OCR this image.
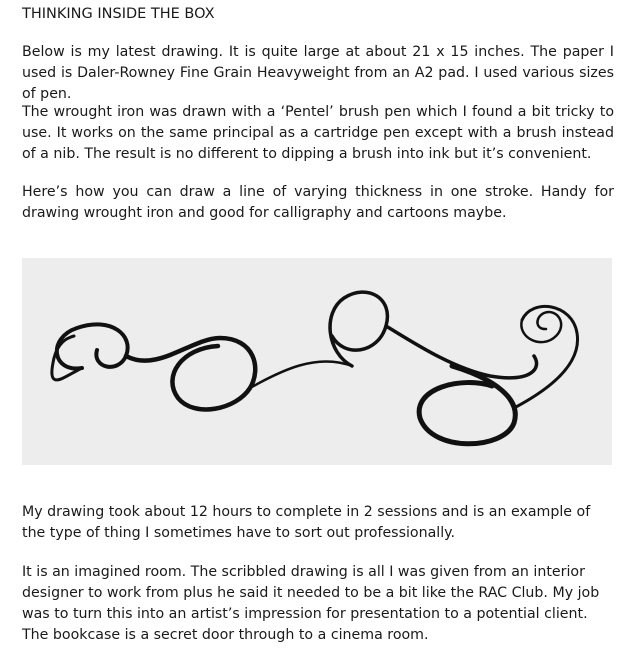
THINKING INSIDE THE BOX

Below is my latest drawing. It is quite large at about 21 x 15 inches. The paper I used is Daler-Rowney Fine Grain Heavyweight from an A2 pad. I used various sizes of pen.

The wrought iron was drawn with a ‘Pentel’ brush pen which I found a bit tricky to use. It works on the same principal as a cartridge pen except with a brush instead of a nib. The result is no different to dipping a brush into ink but it’s convenient.

Here’s how you can draw a line of varying thickness in one stroke. Handy for drawing wrought iron and good for calligraphy and cartoons maybe.

My drawing took about 12 hours to complete in 2 sessions and is an example of the type of thing I sometimes have to sort out professionally.

It is an imagined room. The scribbled drawing is all I was given from an interior designer to work from plus he said it needed to be a bit like the RAC Club. My job was to turn this into an artist’s impression for presentation to a potential client. The bookcase is a secret door through to a cinema room.
